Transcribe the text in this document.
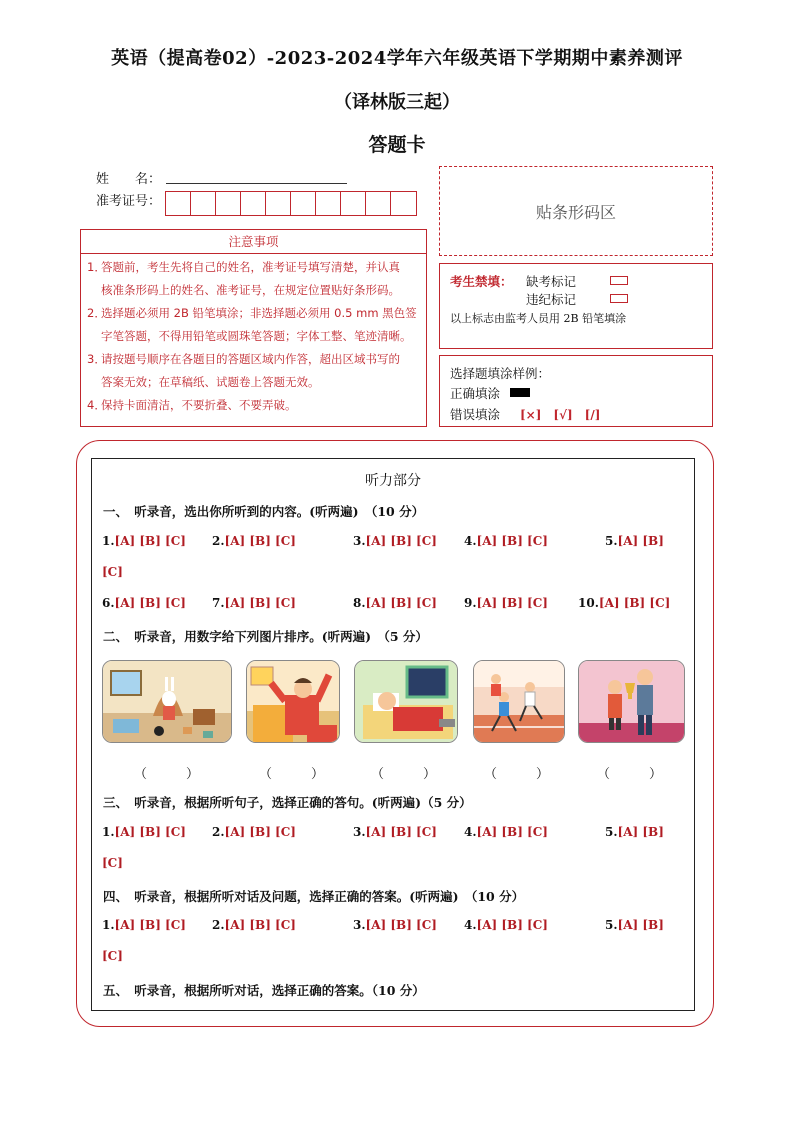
英语（提高卷02）-2023-2024学年六年级英语下学期期中素养测评
（译林版三起）
答题卡
姓　　名：
准考证号：
贴条形码区
注意事项
1．答题前，考生先将自己的姓名，准考证号填写清楚，并认真
核准条形码上的姓名、准考证号，在规定位置贴好条形码。
2．选择题必须用 2B 铅笔填涂；非选择题必须用 0.5 mm 黑色签
字笔答题，不得用铅笔或圆珠笔答题；字体工整、笔迹清晰。
3．请按题号顺序在各题目的答题区域内作答，超出区域书写的
答案无效；在草稿纸、试题卷上答题无效。
4．保持卡面清洁，不要折叠、不要弄破。
考生禁填： 缺考标记
违纪标记
以上标志由监考人员用 2B 铅笔填涂
选择题填涂样例：
正确填涂
错误填涂 [×]　[√]　[/]
听力部分
一、　听录音，选出你所听到的内容。(听两遍)　（10 分）
1.[A] [B] [C] 2.[A] [B] [C]	3.[A] [B] [C] 4.[A] [B] [C]	5.[A] [B]
[C]
6.[A] [B] [C] 7.[A] [B] [C]	8.[A] [B] [C] 9.[A] [B] [C]	10.[A] [B] [C]
二、　听录音，用数字给下列图片排序。(听两遍)　（5 分）
（　　　）	（　　　）	（　　　）	（　　　）	（　　　）
三、　听录音，根据所听句子，选择正确的答句。(听两遍)（5 分）
1.[A] [B] [C] 2.[A] [B] [C]	3.[A] [B] [C] 4.[A] [B] [C]	5.[A] [B]
[C]
四、　听录音，根据所听对话及问题，选择正确的答案。(听两遍)　（10 分）
1.[A] [B] [C] 2.[A] [B] [C]	3.[A] [B] [C] 4.[A] [B] [C]	5.[A] [B]
[C]
五、　听录音，根据所听对话，选择正确的答案。（10 分）
